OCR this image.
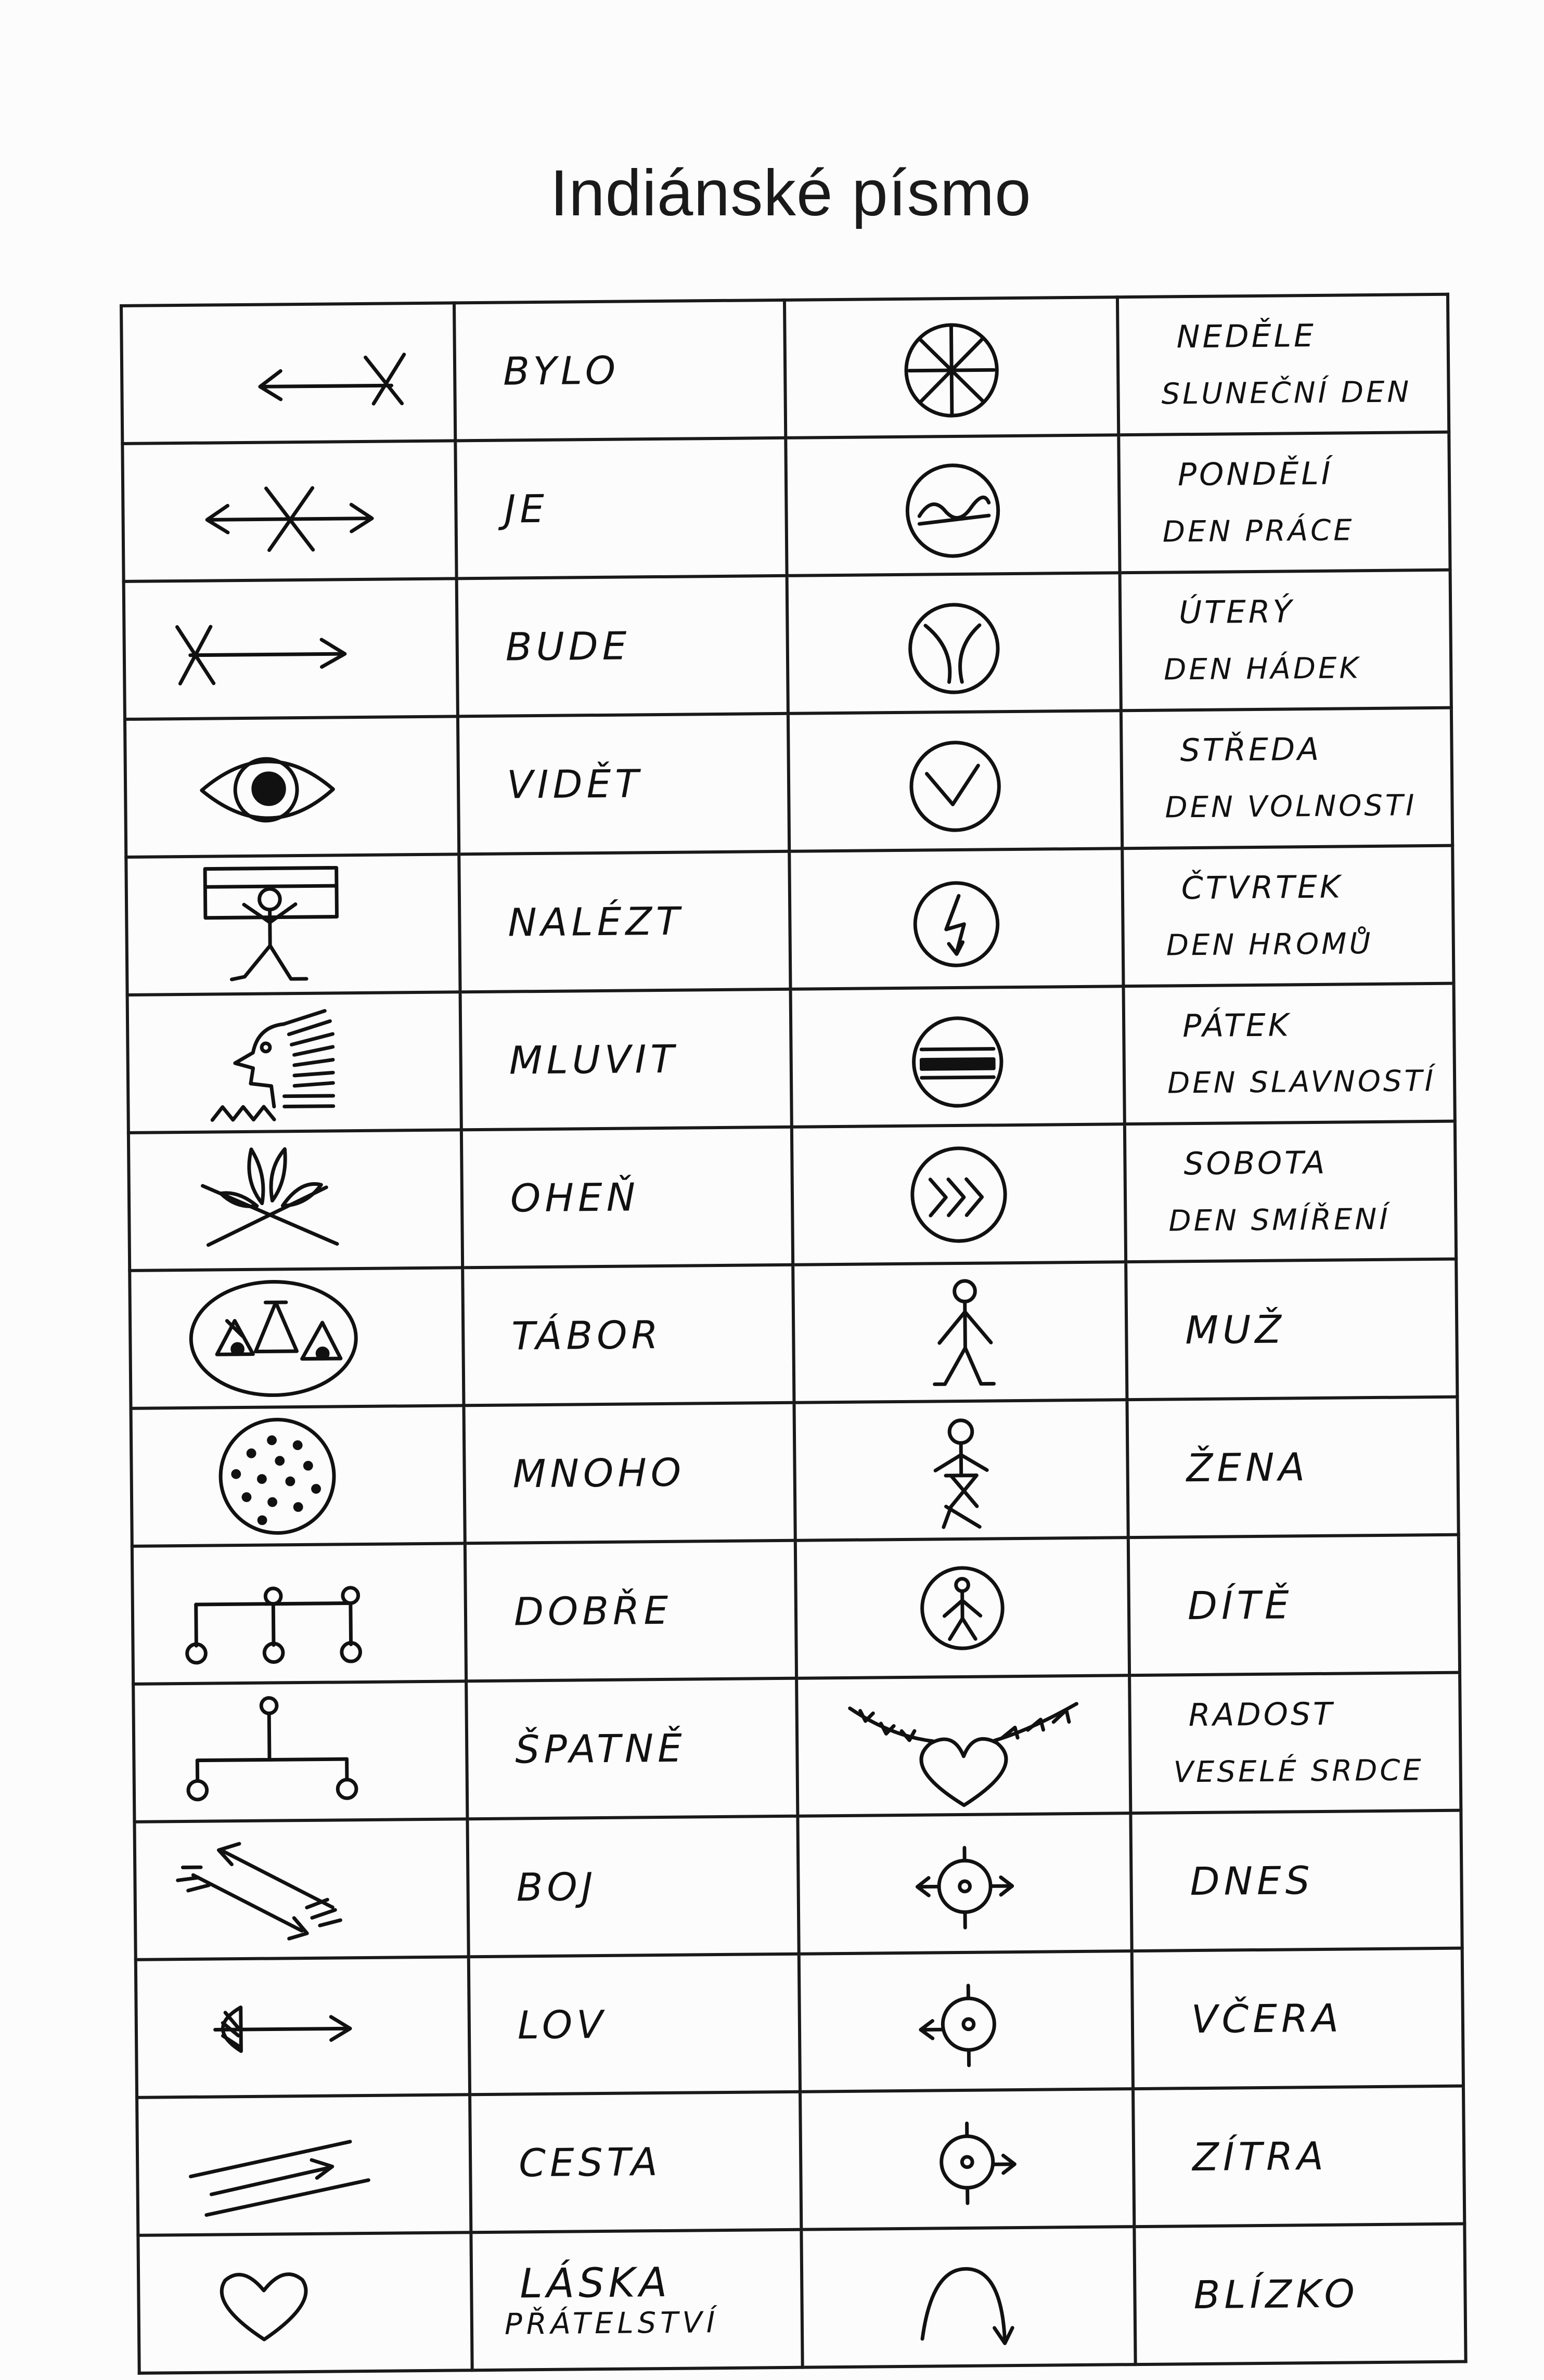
Indiánské písmo

BYLO		NEDĚLE
SLUNEČNÍ DEN

JE		PONDĚLÍ
DEN PRÁCE

BUDE		ÚTERÝ
DEN HÁDEK

VIDĚT		STŘEDA
DEN VOLNOSTI

NALÉZT		ČTVRTEK
DEN HROMŮ

MLUVIT		PÁTEK
DEN SLAVNOSTÍ

OHEŇ		SOBOTA
DEN SMÍŘENÍ

TÁBOR		MUŽ

MNOHO		ŽENA

DOBŘE		DÍTĚ

ŠPATNĚ		RADOST
VESELÉ SRDCE

BOJ		DNES

LOV		VČERA

CESTA		ZÍTRA

LÁSKA
PŘÁTELSTVÍ		BLÍZKO
